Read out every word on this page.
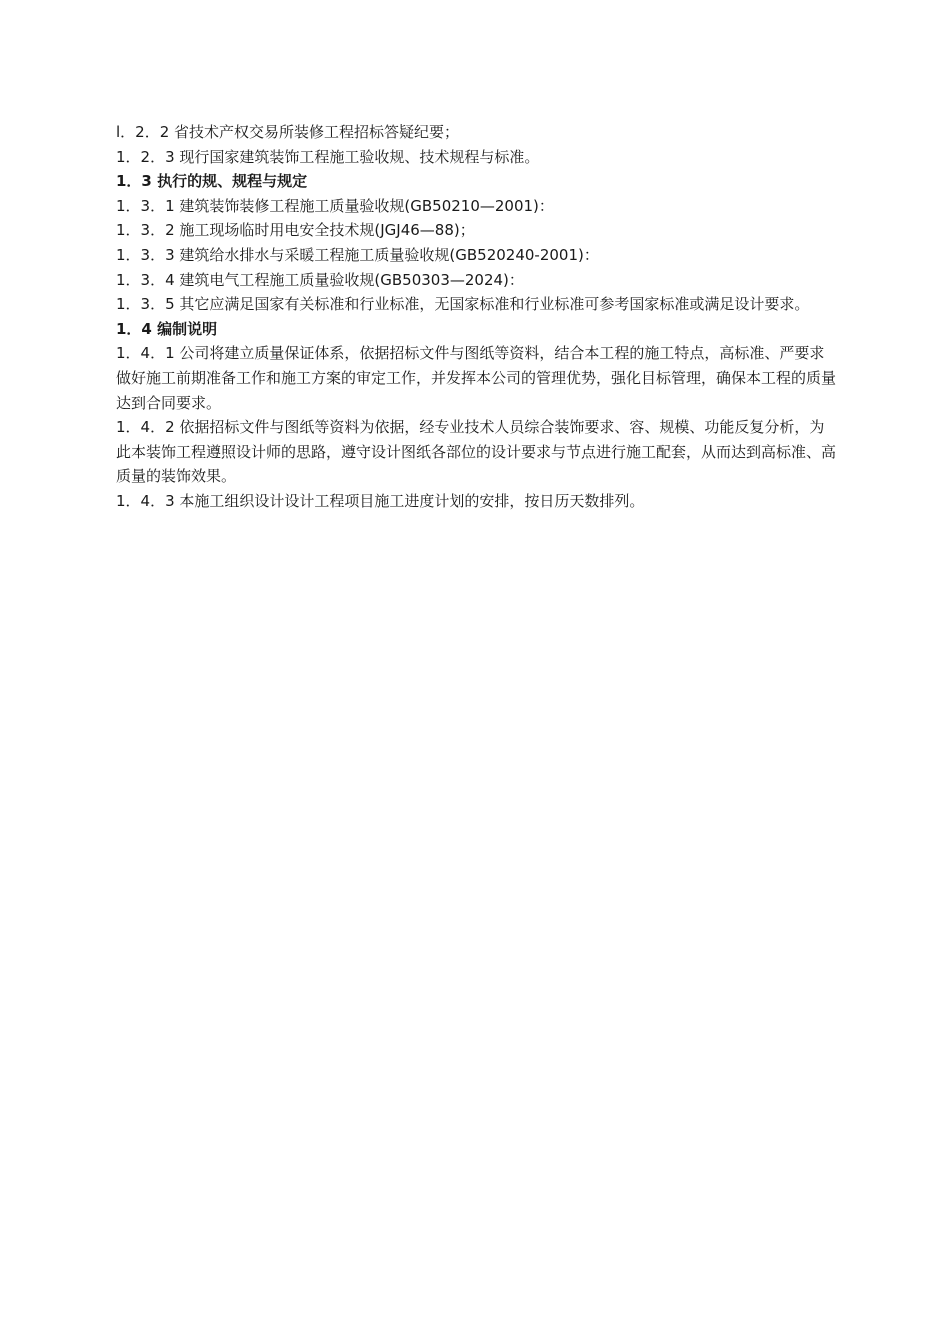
l．2．2 省技术产权交易所装修工程招标答疑纪要；

1．2．3 现行国家建筑装饰工程施工验收规、技术规程与标准。

1．3 执行的规、规程与规定

1．3．1 建筑装饰装修工程施工质量验收规(GB50210—2001)：

1．3．2 施工现场临时用电安全技术规(JGJ46—88)；

1．3．3 建筑给水排水与采暖工程施工质量验收规(GB520240-2001)：

1．3．4 建筑电气工程施工质量验收规(GB50303—2024)：

1．3．5 其它应满足国家有关标准和行业标准，无国家标准和行业标准可参考国家标准或满足设计要求。

1．4 编制说明

1．4．1 公司将建立质量保证体系，依据招标文件与图纸等资料，结合本工程的施工特点，高标准、严要求做好施工前期准备工作和施工方案的审定工作，并发挥本公司的管理优势，强化目标管理，确保本工程的质量达到合同要求。

1．4．2 依据招标文件与图纸等资料为依据，经专业技术人员综合装饰要求、容、规模、功能反复分析，为此本装饰工程遵照设计师的思路，遵守设计图纸各部位的设计要求与节点进行施工配套，从而达到高标准、高质量的装饰效果。

1．4．3 本施工组织设计设计工程项目施工进度计划的安排，按日历天数排列。
